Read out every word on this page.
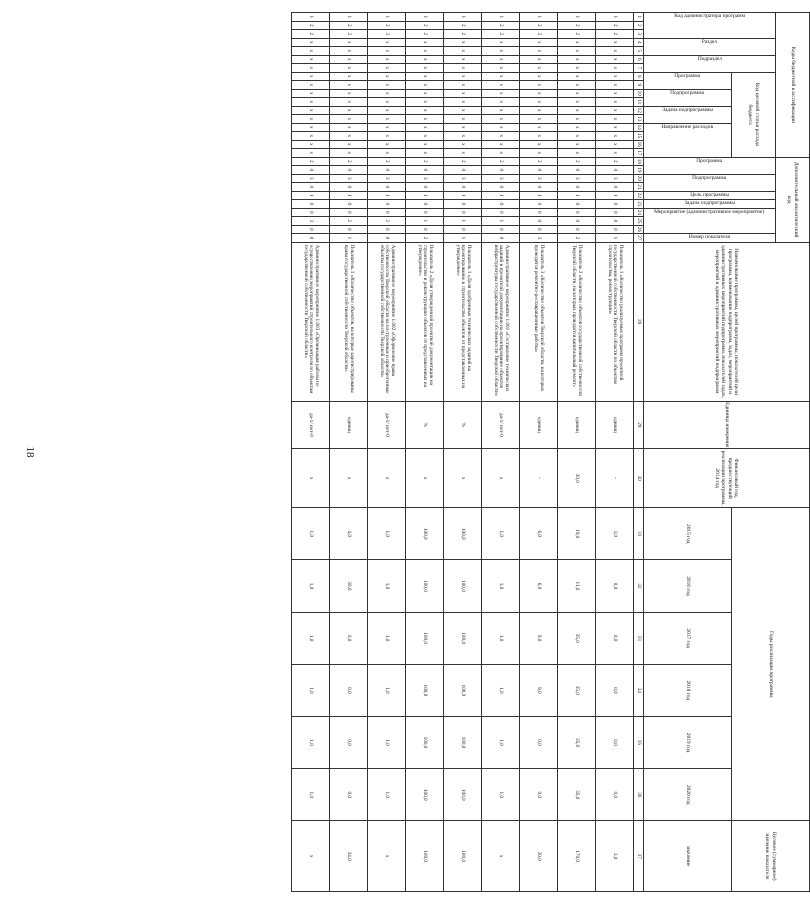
18
Коды бюджетной классификации																	Дополнительный аналитический код										Наименование программы, целей программы, показателей цели программы, наименование подпрограмм, задач, мероприятий и административных мероприятий подпрограмм, показателей задач, мероприятий и административных мероприятий подпрограмм	Единица измерения	Финансовый год, предшествующий реализации программы, 2014 год	Годы реализации программы						Целевое (суммарное) значение показателя

Код администратора программ			Раздел		Подраздел		Код целевой статьи расхода бюджета										Программа		Подпрограмма		Цель программы	Задача подпрограммы	Мероприятие (административное мероприятие)			Номер показателя										

							Программа		Подпрограмма		Задача подпрограммы		Направление расходов																	2015 год	2016 год	2017 год	2018 год	2019 год	2020 год	значение
1	2	3	4	5	6	7	8	9	10	11	12	13	14	15	16	17	18	19	20	21	22	23	24	25	26	27	28	29	30	31	32	33	34	35	36	37
1	2	2	x	x	x	x	x	x	x	x	x	x	x	x	x	x	2	0	3	0	1	0	0	0	0	1	Показатель 1 «Количество реализуемых программ проектной государственной собственности Тверской области по объектам строительства, реконструкции»	единиц	-	3,0	0,0	0,0	0,0	0,0	0,0	3,0
1	2	2	x	x	x	x	x	x	x	x	x	x	x	x	x	x	2	0	3	0	1	0	0	0	0	2	Показатель 2 «Количество объектов государственной собственности Тверской области, на которых проводится капитальный ремонт»	единиц	30,0	19,0	11,0	35,0	35,0	35,0	35,0	170,0
1	2	2	x	x	x	x	x	x	x	x	x	x	x	x	x	x	2	0	3	0	1	0	0	0	0	3	Показатель 3 «Количество объектов Тверской области, на которых проводятся ремонтно-реставрационные работы»	единиц	-	6,0	6,0	9,0	9,0	0,0	0,0	30,0
1	2	2	x	x	x	x	x	x	x	x	x	x	x	x	x	x	2	0	3	0	1	0	0	1	0	0	Административное мероприятие 1.001 «Составление технических заданий и проектной документации на проектирование объектов инфраструктуры государственной собственности Тверской области»	да-1/ нет-0	x	1,0	1,0	1,0	1,0	1,0	1,0	x
1	2	2	x	x	x	x	x	x	x	x	x	x	x	x	x	x	2	0	3	0	1	0	0	1	0	1	Показатель 1 «Доля одобренных технических заданий на проектирование и строительство объектов от представленных на утверждение»	%	x	100,0	100,0	100,0	100,0	100,0	100,0	100,0
1	2	2	x	x	x	x	x	x	x	x	x	x	x	x	x	x	2	0	3	0	1	0	0	1	0	2	Показатель 2 «Доля утвержденной проектной документации на строительство и реконструкцию объектов от представленных на утверждение»	%	x	100,0	100,0	100,0	100,0	100,0	100,0	100,0
1	2	3	x	x	x	x	x	x	x	x	x	x	x	x	x	x	2	0	3	0	1	0	0	2	0	0	Административное мероприятие 1.002 «Оформление права собственности Тверской области на построенные и приобретенные объекты государственной собственности Тверской области»	да-1/ нет-0	x	1,0	1,0	1,0	1,0	1,0	1,0	x
1	2	2	x	x	x	x	x	x	x	x	x	x	x	x	x	x	2	0	3	0	1	0	0	2	0	1	Показатель 1 «Количество объектов, на которые зарегистрированы права государственной собственности Тверской области»	единиц	x	4,0	30,0	0,0	0,0	0,0	0,0	34,0
1	2	2	x	x	x	x	x	x	x	x	x	x	x	x	x	x	2	0	3	0	1	0	0	3	0	0	Административное мероприятие 1.003 «Организация работы по осуществлению мероприятий строительного контроля по объектам государственной собственности Тверской области»	да-1/ нет-0	x	1,0	1,0	1,0	1,0	1,0	1,0	x
